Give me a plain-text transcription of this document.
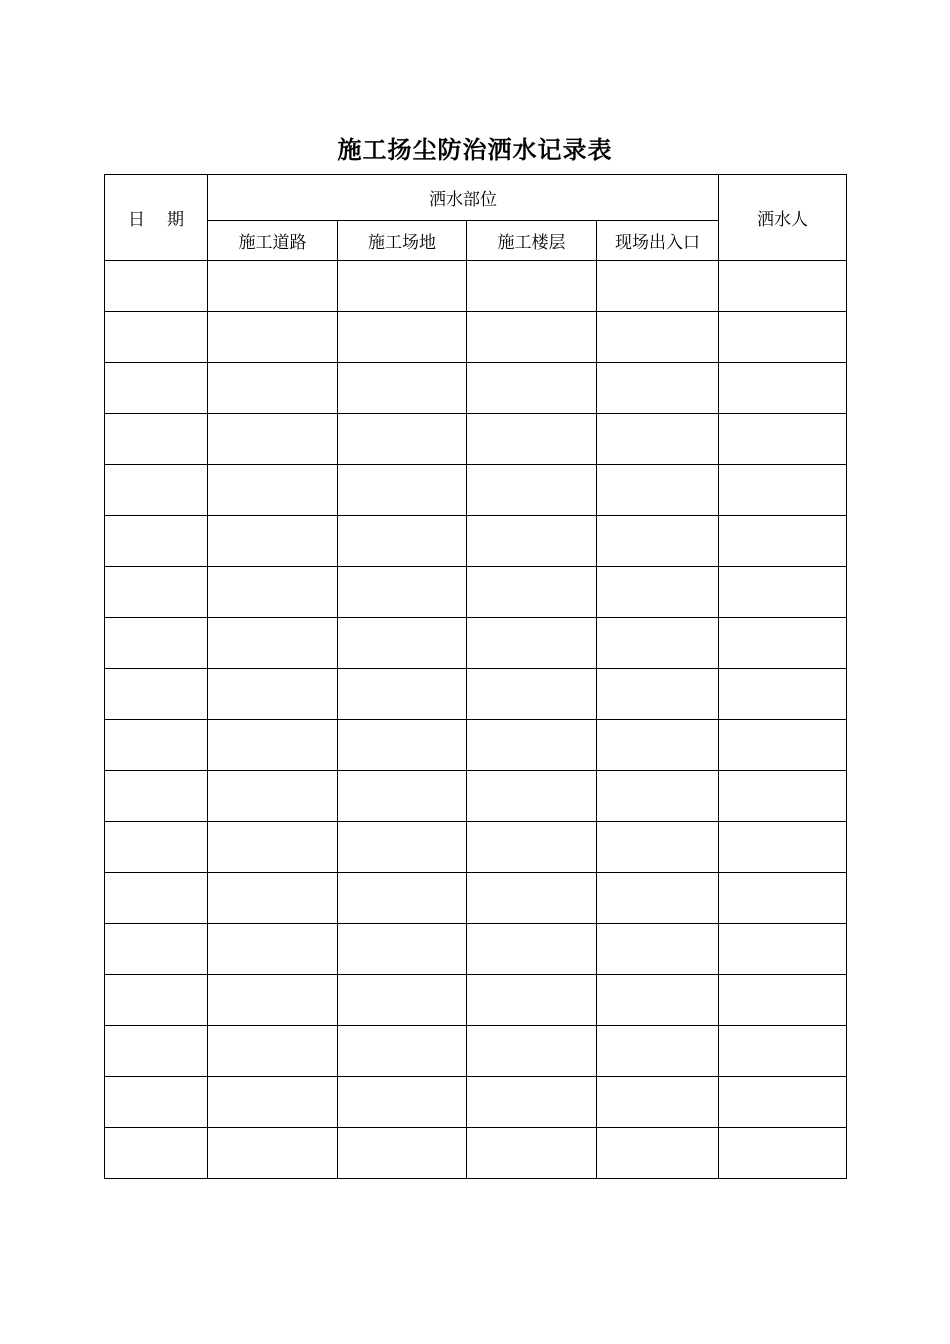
施工扬尘防治洒水记录表
日 期	洒水部位				洒水人
	施工道路	施工场地	施工楼层	现场出入口	
